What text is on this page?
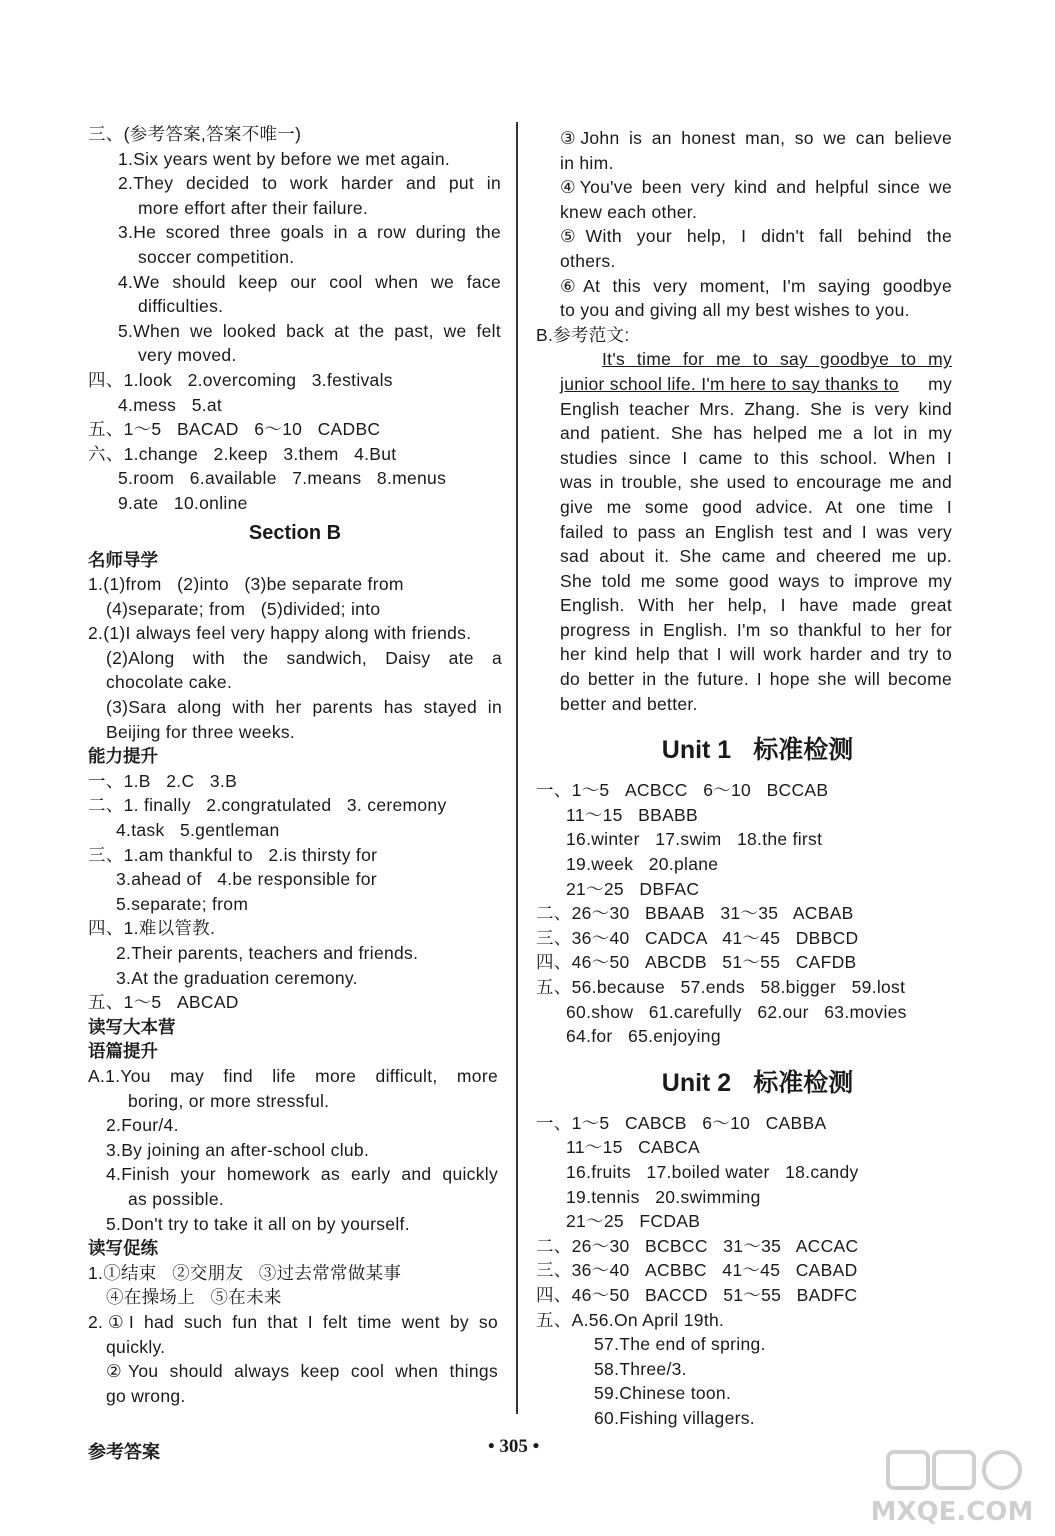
三、(参考答案,答案不唯一)
1.Six years went by before we met again.
2.They decided to work harder and put in
more effort after their failure.
3.He scored three goals in a row during the
soccer competition.
4.We should keep our cool when we face
difficulties.
5.When we looked back at the past, we felt
very moved.
四、1.look   2.overcoming   3.festivals
4.mess   5.at
五、1～5   BACAD   6～10   CADBC
六、1.change   2.keep   3.them   4.But
5.room   6.available   7.means   8.menus
9.ate   10.online
Section B
名师导学
1.(1)from   (2)into   (3)be separate from
(4)separate; from   (5)divided; into
2.(1)I always feel very happy along with friends.
(2)Along with the sandwich, Daisy ate a
chocolate cake.
(3)Sara along with her parents has stayed in
Beijing for three weeks.
能力提升
一、1.B   2.C   3.B
二、1. finally   2.congratulated   3. ceremony
4.task   5.gentleman
三、1.am thankful to   2.is thirsty for
3.ahead of   4.be responsible for
5.separate; from
四、1.难以管教.
2.Their parents, teachers and friends.
3.At the graduation ceremony.
五、1～5   ABCAD
读写大本营
语篇提升
A.1.You may find life more difficult, more
boring, or more stressful.
2.Four/4.
3.By joining an after-school club.
4.Finish your homework as early and quickly
as possible.
5.Don't try to take it all on by yourself.
读写促练
1.①结束   ②交朋友   ③过去常常做某事
④在操场上   ⑤在未来
2.①I had such fun that I felt time went by so
quickly.
②You should always keep cool when things
go wrong.
③John is an honest man, so we can believe
in him.
④You've been very kind and helpful since we
knew each other.
⑤With your help, I didn't fall behind the
others.
⑥At this very moment, I'm saying goodbye
to you and giving all my best wishes to you.
B.参考范文:
It's time for me to say goodbye to my
junior school life. I'm here to say thanks to my
English teacher Mrs. Zhang. She is very kind
and patient. She has helped me a lot in my
studies since I came to this school. When I
was in trouble, she used to encourage me and
give me some good advice. At one time I
failed to pass an English test and I was very
sad about it. She came and cheered me up.
She told me some good ways to improve my
English. With her help, I have made great
progress in English. I'm so thankful to her for
her kind help that I will work harder and try to
do better in the future. I hope she will become
better and better.
Unit 1 标准检测
一、1～5   ACBCC   6～10   BCCAB
11～15   BBABB
16.winter   17.swim   18.the first
19.week   20.plane
21～25   DBFAC
二、26～30   BBAAB   31～35   ACBAB
三、36～40   CADCA   41～45   DBBCD
四、46～50   ABCDB   51～55   CAFDB
五、56.because   57.ends   58.bigger   59.lost
60.show   61.carefully   62.our   63.movies
64.for   65.enjoying
Unit 2 标准检测
一、1～5   CABCB   6～10   CABBA
11～15   CABCA
16.fruits   17.boiled water   18.candy
19.tennis   20.swimming
21～25   FCDAB
二、26～30   BCBCC   31～35   ACCAC
三、36～40   ACBBC   41～45   CABAD
四、46～50   BACCD   51～55   BADFC
五、A.56.On April 19th.
57.The end of spring.
58.Three/3.
59.Chinese toon.
60.Fishing villagers.
参考答案	• 305 •
MXQE.COM
